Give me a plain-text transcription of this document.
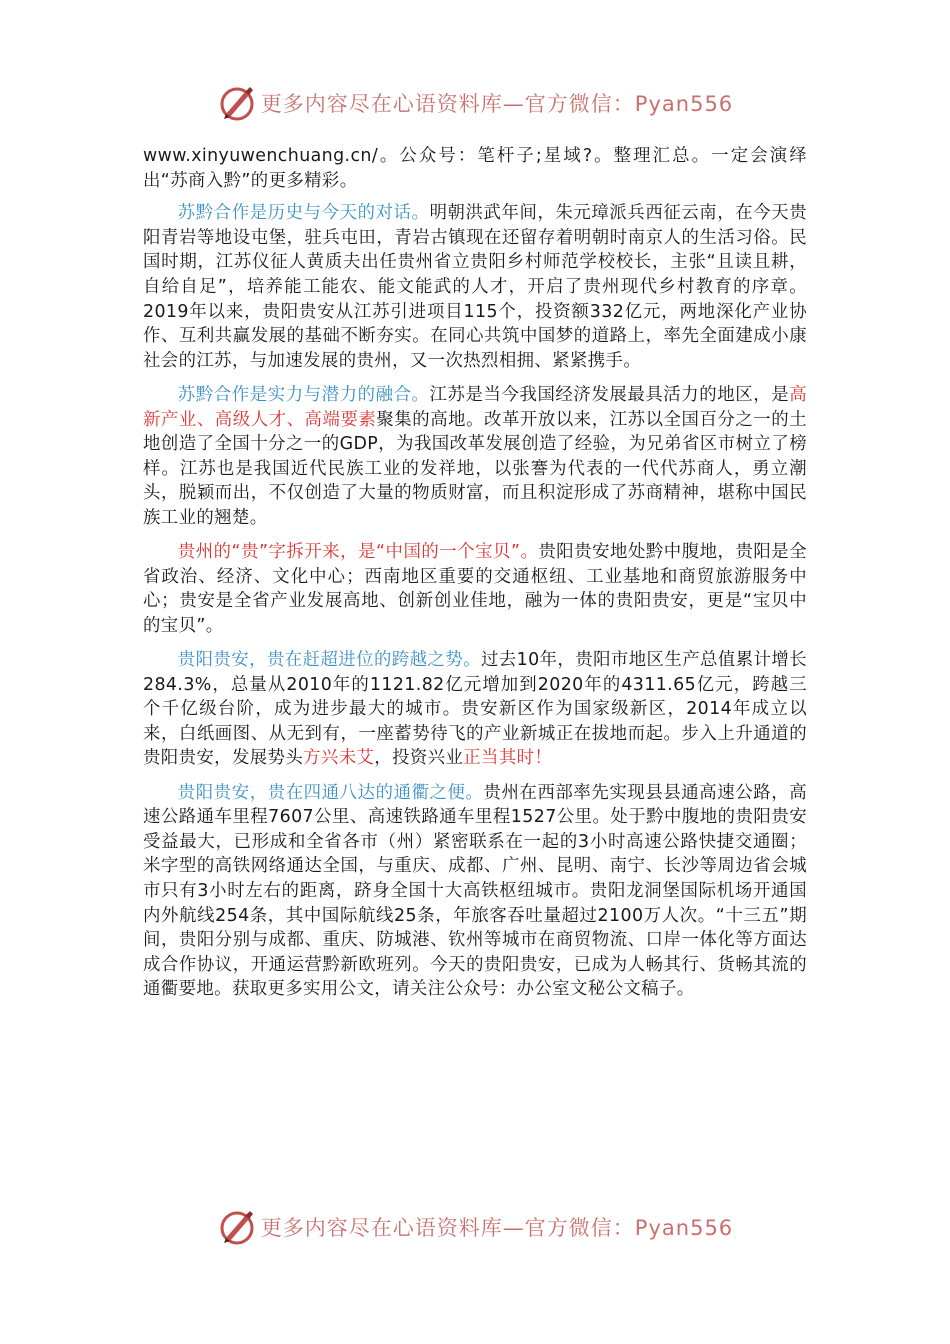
更多内容尽在心语资料库—官方微信：Pyan556

www.xinyuwenchuang.cn/。公众号：笔杆子;星域?。整理汇总。一定会演绎出“苏商入黔”的更多精彩。

苏黔合作是历史与今天的对话。明朝洪武年间，朱元璋派兵西征云南，在今天贵阳青岩等地设屯堡，驻兵屯田，青岩古镇现在还留存着明朝时南京人的生活习俗。民国时期，江苏仪征人黄质夫出任贵州省立贵阳乡村师范学校校长，主张“且读且耕，自给自足”，培养能工能农、能文能武的人才，开启了贵州现代乡村教育的序章。2019年以来，贵阳贵安从江苏引进项目115个，投资额332亿元，两地深化产业协作、互利共赢发展的基础不断夯实。在同心共筑中国梦的道路上，率先全面建成小康社会的江苏，与加速发展的贵州，又一次热烈相拥、紧紧携手。

苏黔合作是实力与潜力的融合。江苏是当今我国经济发展最具活力的地区，是高新产业、高级人才、高端要素聚集的高地。改革开放以来，江苏以全国百分之一的土地创造了全国十分之一的GDP，为我国改革发展创造了经验，为兄弟省区市树立了榜样。江苏也是我国近代民族工业的发祥地，以张謇为代表的一代代苏商人，勇立潮头，脱颖而出，不仅创造了大量的物质财富，而且积淀形成了苏商精神，堪称中国民族工业的翘楚。

贵州的“贵”字拆开来，是“中国的一个宝贝”。贵阳贵安地处黔中腹地，贵阳是全省政治、经济、文化中心；西南地区重要的交通枢纽、工业基地和商贸旅游服务中心；贵安是全省产业发展高地、创新创业佳地，融为一体的贵阳贵安，更是“宝贝中的宝贝”。

贵阳贵安，贵在赶超进位的跨越之势。过去10年，贵阳市地区生产总值累计增长284.3%，总量从2010年的1121.82亿元增加到2020年的4311.65亿元，跨越三个千亿级台阶，成为进步最大的城市。贵安新区作为国家级新区，2014年成立以来，白纸画图、从无到有，一座蓄势待飞的产业新城正在拔地而起。步入上升通道的贵阳贵安，发展势头方兴未艾，投资兴业正当其时！

贵阳贵安，贵在四通八达的通衢之便。贵州在西部率先实现县县通高速公路，高速公路通车里程7607公里、高速铁路通车里程1527公里。处于黔中腹地的贵阳贵安受益最大，已形成和全省各市（州）紧密联系在一起的3小时高速公路快捷交通圈；米字型的高铁网络通达全国，与重庆、成都、广州、昆明、南宁、长沙等周边省会城市只有3小时左右的距离，跻身全国十大高铁枢纽城市。贵阳龙洞堡国际机场开通国内外航线254条，其中国际航线25条，年旅客吞吐量超过2100万人次。“十三五”期间，贵阳分别与成都、重庆、防城港、钦州等城市在商贸物流、口岸一体化等方面达成合作协议，开通运营黔新欧班列。今天的贵阳贵安，已成为人畅其行、货畅其流的通衢要地。获取更多实用公文，请关注公众号：办公室文秘公文稿子。

更多内容尽在心语资料库—官方微信：Pyan556
